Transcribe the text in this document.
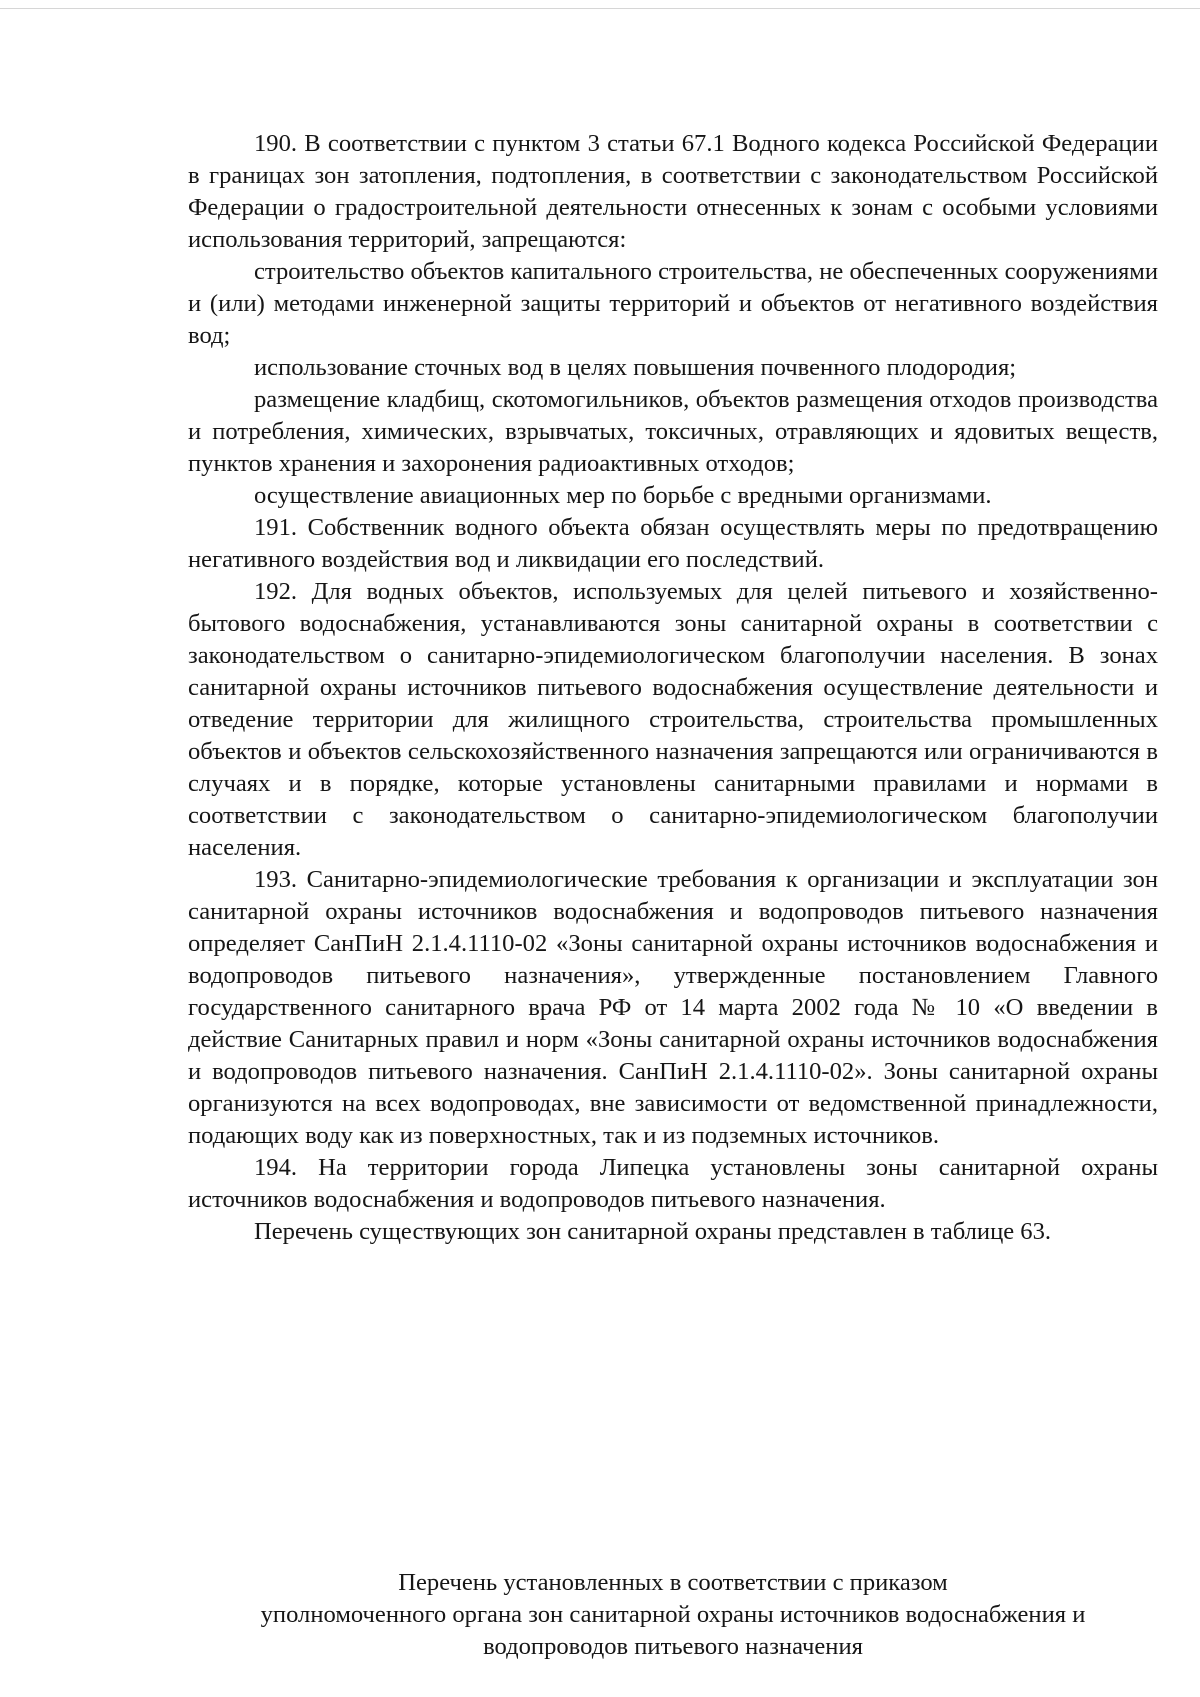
190. В соответствии с пунктом 3 статьи 67.1 Водного кодекса Российской Федерации в границах зон затопления, подтопления, в соответствии с законодательством Российской Федерации о градостроительной деятельности отнесенных к зонам с особыми условиями использования территорий, запрещаются:

строительство объектов капитального строительства, не обеспеченных сооружениями и (или) методами инженерной защиты территорий и объектов от негативного воздействия вод;

использование сточных вод в целях повышения почвенного плодородия;

размещение кладбищ, скотомогильников, объектов размещения отходов производства и потребления, химических, взрывчатых, токсичных, отравляющих и ядовитых веществ, пунктов хранения и захоронения радиоактивных отходов;

осуществление авиационных мер по борьбе с вредными организмами.

191. Собственник водного объекта обязан осуществлять меры по предотвращению негативного воздействия вод и ликвидации его последствий.

192. Для водных объектов, используемых для целей питьевого и хозяйственно-бытового водоснабжения, устанавливаются зоны санитарной охраны в соответствии с законодательством о санитарно-эпидемиологическом благополучии населения. В зонах санитарной охраны источников питьевого водоснабжения осуществление деятельности и отведение территории для жилищного строительства, строительства промышленных объектов и объектов сельскохозяйственного назначения запрещаются или ограничиваются в случаях и в порядке, которые установлены санитарными правилами и нормами в соответствии с законодательством о санитарно-эпидемиологическом благополучии населения.

193. Санитарно-эпидемиологические требования к организации и эксплуатации зон санитарной охраны источников водоснабжения и водопроводов питьевого назначения определяет СанПиН 2.1.4.1110-02 «Зоны санитарной охраны источников водоснабжения и водопроводов питьевого назначения», утвержденные постановлением Главного государственного санитарного врача РФ от 14 марта 2002 года № 10 «О введении в действие Санитарных правил и норм «Зоны санитарной охраны источников водоснабжения и водопроводов питьевого назначения. СанПиН 2.1.4.1110-02». Зоны санитарной охраны организуются на всех водопроводах, вне зависимости от ведомственной принадлежности, подающих воду как из поверхностных, так и из подземных источников.

194. На территории города Липецка установлены зоны санитарной охраны источников водоснабжения и водопроводов питьевого назначения.

Перечень существующих зон санитарной охраны представлен в таблице 63.

Перечень установленных в соответствии с приказом
уполномоченного органа зон санитарной охраны источников водоснабжения и
водопроводов питьевого назначения
